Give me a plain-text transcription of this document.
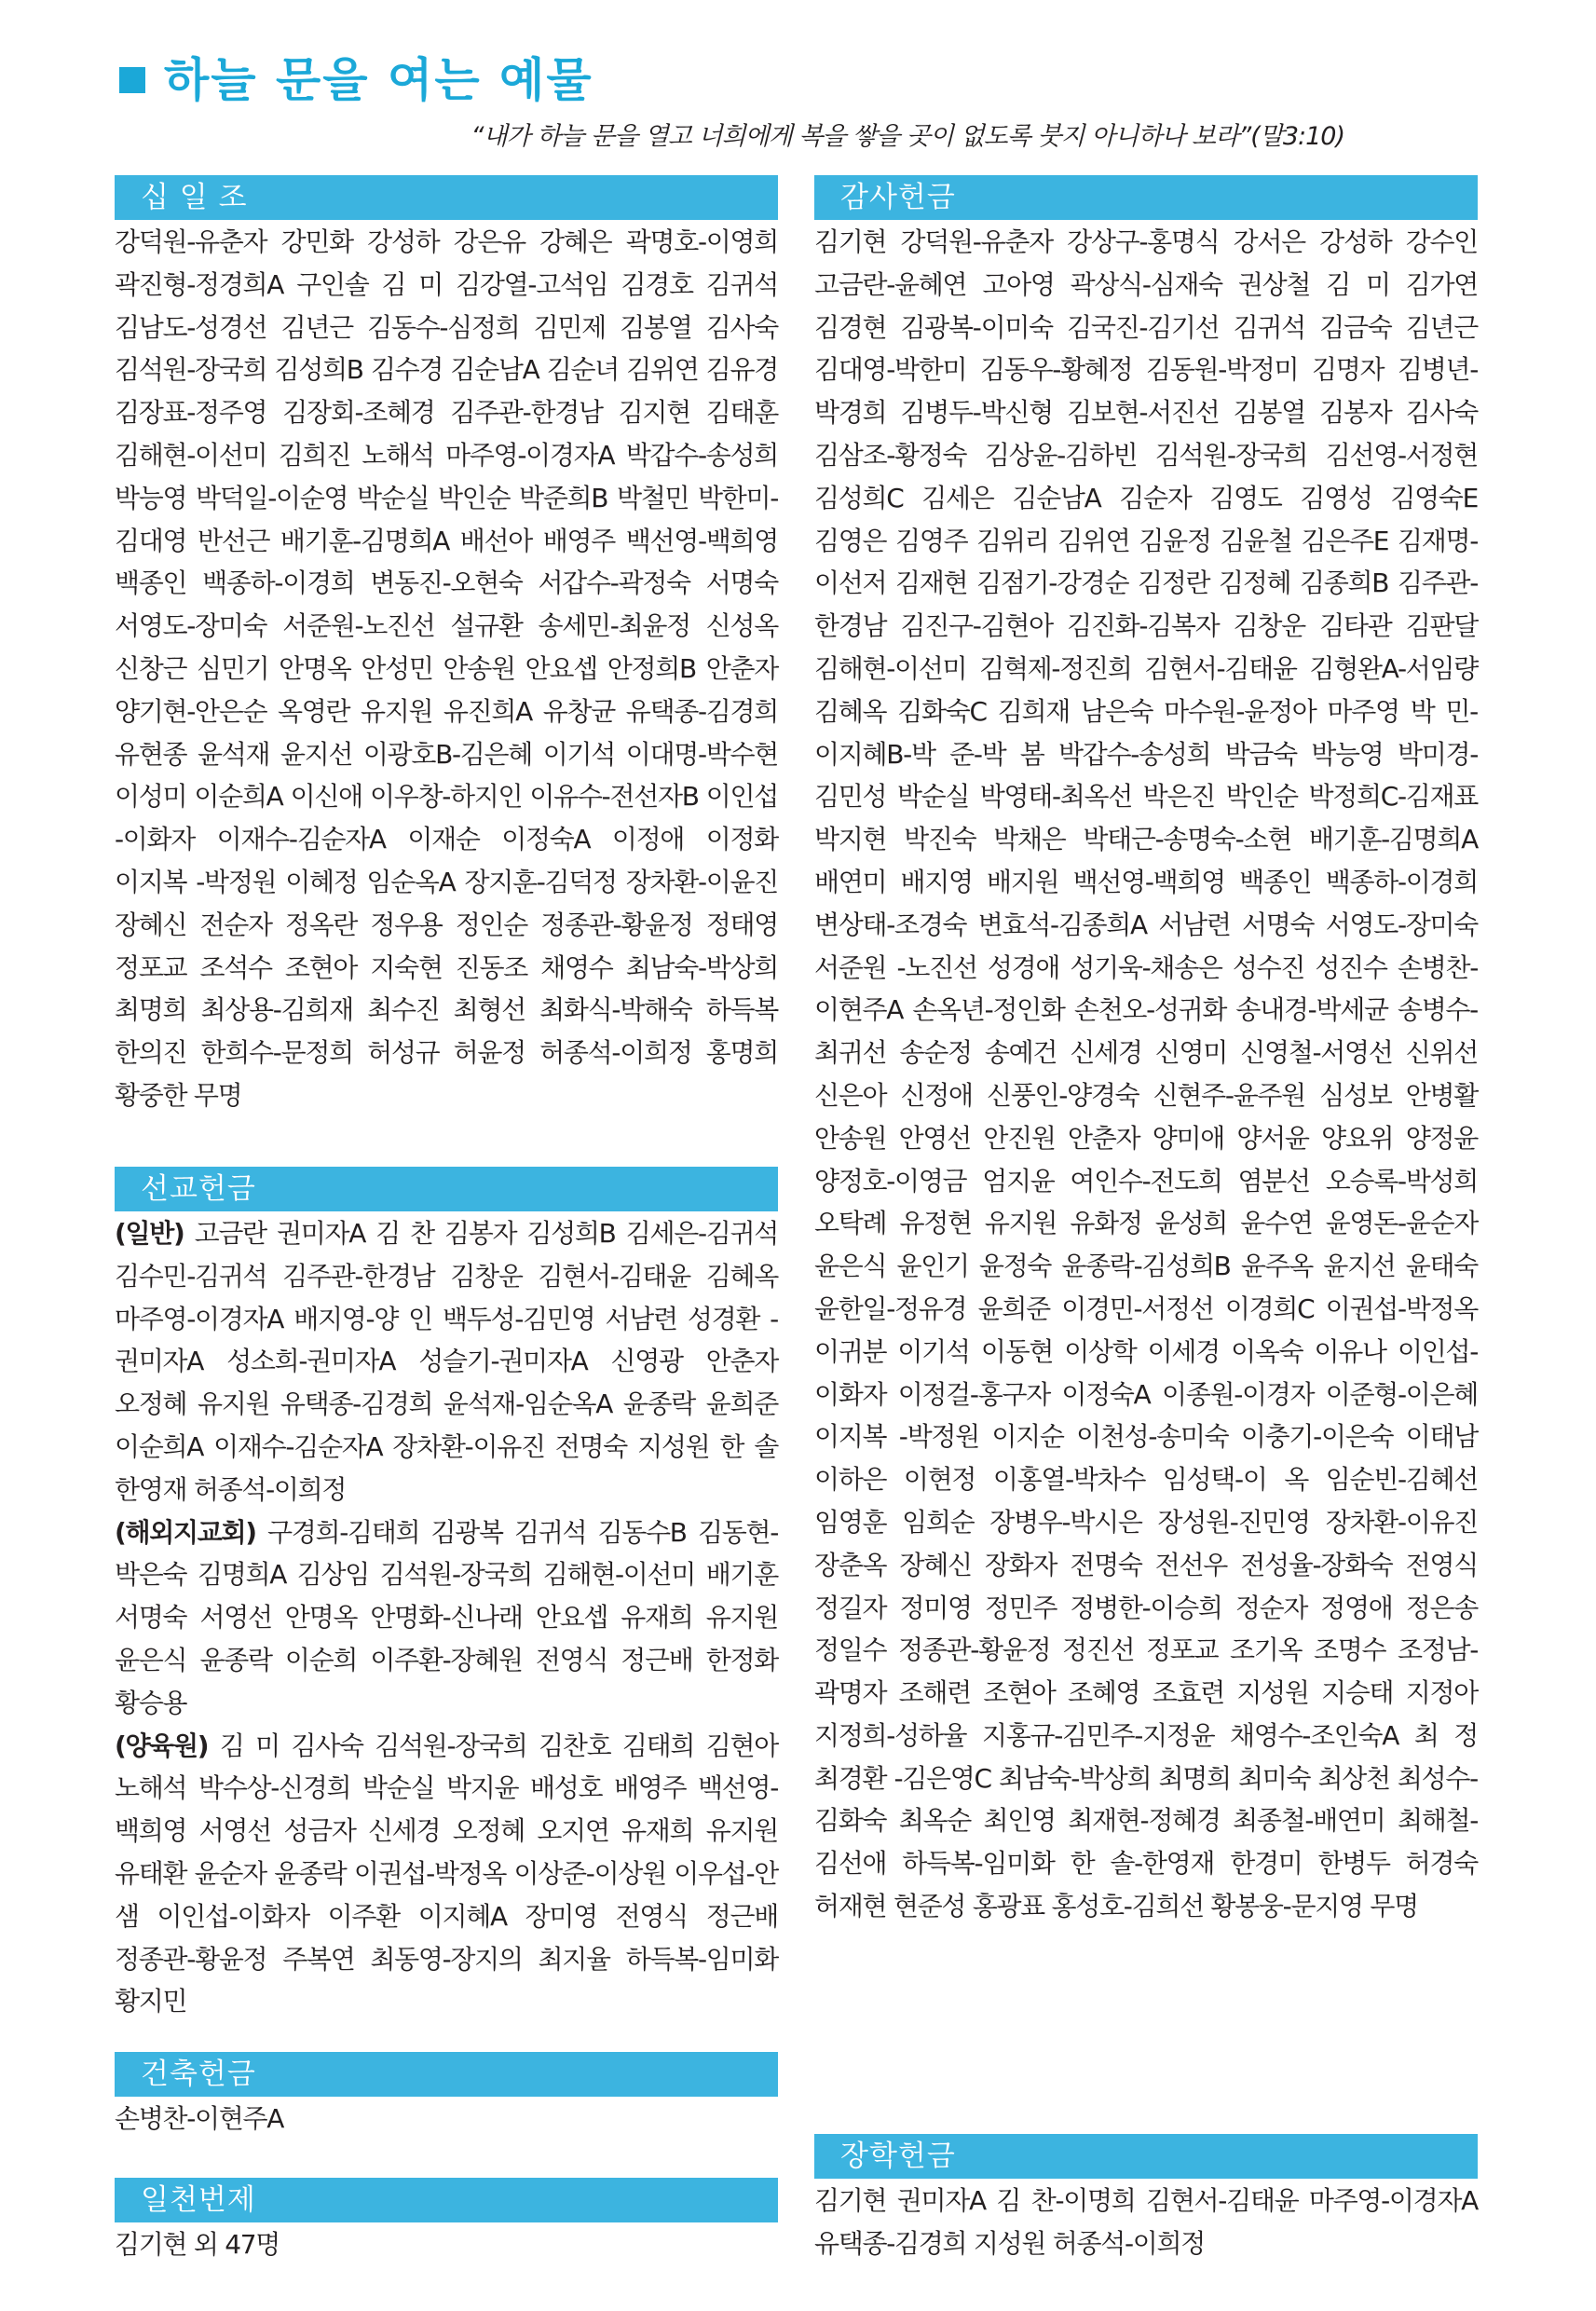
하늘 문을 여는 예물
“내가 하늘 문을 열고 너희에게 복을 쌓을 곳이 없도록 붓지 아니하나 보라”(말3:10)
십 일 조
강덕원-유춘자 강민화 강성하 강은유 강혜은 곽명호-이영희 곽진형-정경희A 구인솔 김 미 김강열-고석임 김경호 김귀석 김남도-성경선 김년근 김동수-심정희 김민제 김봉열 김사숙 김석원-장국희 김성희B 김수경 김순남A 김순녀 김위연 김유경 김장표-정주영 김장회-조혜경 김주관-한경남 김지현 김태훈 김해현-이선미 김희진 노해석 마주영-이경자A 박갑수-송성희 박능영 박덕일-이순영 박순실 박인순 박준희B 박철민 박한미-김대영 반선근 배기훈-김명희A 배선아 배영주 백선영-백희영 백종인 백종하-이경희 변동진-오현숙 서갑수-곽정숙 서명숙 서영도-장미숙 서준원-노진선 설규환 송세민-최윤정 신성옥 신창근 심민기 안명옥 안성민 안송원 안요셉 안정희B 안춘자 양기현-안은순 옥영란 유지원 유진희A 유창균 유택종-김경희 유현종 윤석재 윤지선 이광호B-김은혜 이기석 이대명-박수현 이성미 이순희A 이신애 이우창-하지인 이유수-전선자B 이인섭 -이화자 이재수-김순자A 이재순 이정숙A 이정애 이정화 이지복 -박정원 이혜정 임순옥A 장지훈-김덕정 장차환-이윤진 장혜신 전순자 정옥란 정우용 정인순 정종관-황윤정 정태영 정포교 조석수 조현아 지숙현 진동조 채영수 최남숙-박상희 최명희 최상용-김희재 최수진 최형선 최화식-박해숙 하득복 한의진 한희수-문정희 허성규 허윤정 허종석-이희정 홍명희 황중한 무명
선교헌금
(일반) 고금란 권미자A 김 찬 김봉자 김성희B 김세은-김귀석 김수민-김귀석 김주관-한경남 김창운 김현서-김태윤 김혜옥 마주영-이경자A 배지영-양 인 백두성-김민영 서남련 성경환 -권미자A 성소희-권미자A 성슬기-권미자A 신영광 안춘자 오정혜 유지원 유택종-김경희 윤석재-임순옥A 윤종락 윤희준 이순희A 이재수-김순자A 장차환-이유진 전명숙 지성원 한 솔 한영재 허종석-이희정
(해외지교회) 구경희-김태희 김광복 김귀석 김동수B 김동현-박은숙 김명희A 김상임 김석원-장국희 김해현-이선미 배기훈 서명숙 서영선 안명옥 안명화-신나래 안요셉 유재희 유지원 윤은식 윤종락 이순희 이주환-장혜원 전영식 정근배 한정화 황승용
(양육원) 김 미 김사숙 김석원-장국희 김찬호 김태희 김현아 노해석 박수상-신경희 박순실 박지윤 배성호 배영주 백선영-백희영 서영선 성금자 신세경 오정혜 오지연 유재희 유지원 유태환 윤순자 윤종락 이권섭-박정옥 이상준-이상원 이우섭-안 샘 이인섭-이화자 이주환 이지혜A 장미영 전영식 정근배 정종관-황윤정 주복연 최동영-장지의 최지율 하득복-임미화 황지민
건축헌금
손병찬-이현주A
일천번제
김기현 외 47명
감사헌금
김기현 강덕원-유춘자 강상구-홍명식 강서은 강성하 강수인 고금란-윤혜연 고아영 곽상식-심재숙 권상철 김 미 김가연 김경현 김광복-이미숙 김국진-김기선 김귀석 김금숙 김년근 김대영-박한미 김동우-황혜정 김동원-박정미 김명자 김병년-박경희 김병두-박신형 김보현-서진선 김봉열 김봉자 김사숙 김삼조-황정숙 김상윤-김하빈 김석원-장국희 김선영-서정현 김성희C 김세은 김순남A 김순자 김영도 김영성 김영숙E 김영은 김영주 김위리 김위연 김윤정 김윤철 김은주E 김재명-이선저 김재현 김점기-강경순 김정란 김정혜 김종희B 김주관-한경남 김진구-김현아 김진화-김복자 김창운 김타관 김판달 김해현-이선미 김혁제-정진희 김현서-김태윤 김형완A-서임량 김혜옥 김화숙C 김희재 남은숙 마수원-윤정아 마주영 박 민-이지혜B-박 준-박 봄 박갑수-송성희 박금숙 박능영 박미경-김민성 박순실 박영태-최옥선 박은진 박인순 박정희C-김재표 박지현 박진숙 박채은 박태근-송명숙-소현 배기훈-김명희A 배연미 배지영 배지원 백선영-백희영 백종인 백종하-이경희 변상태-조경숙 변효석-김종희A 서남련 서명숙 서영도-장미숙 서준원 -노진선 성경애 성기욱-채송은 성수진 성진수 손병찬-이현주A 손옥년-정인화 손천오-성귀화 송내경-박세균 송병수-최귀선 송순정 송예건 신세경 신영미 신영철-서영선 신위선 신은아 신정애 신풍인-양경숙 신현주-윤주원 심성보 안병활 안송원 안영선 안진원 안춘자 양미애 양서윤 양요위 양정윤 양정호-이영금 엄지윤 여인수-전도희 염분선 오승록-박성희 오탁례 유정현 유지원 유화정 윤성희 윤수연 윤영돈-윤순자 윤은식 윤인기 윤정숙 윤종락-김성희B 윤주옥 윤지선 윤태숙 윤한일-정유경 윤희준 이경민-서정선 이경희C 이권섭-박정옥 이귀분 이기석 이동현 이상학 이세경 이옥숙 이유나 이인섭-이화자 이정걸-홍구자 이정숙A 이종원-이경자 이준형-이은혜 이지복 -박정원 이지순 이천성-송미숙 이충기-이은숙 이태남 이하은 이현정 이홍열-박차수 임성택-이 옥 임순빈-김혜선 임영훈 임희순 장병우-박시은 장성원-진민영 장차환-이유진 장춘옥 장혜신 장화자 전명숙 전선우 전성율-장화숙 전영식 정길자 정미영 정민주 정병한-이승희 정순자 정영애 정은송 정일수 정종관-황윤정 정진선 정포교 조기옥 조명수 조정남-곽명자 조해련 조현아 조혜영 조효련 지성원 지승태 지정아 지정희-성하율 지홍규-김민주-지정윤 채영수-조인숙A 최 정 최경환 -김은영C 최남숙-박상희 최명희 최미숙 최상천 최성수-김화숙 최옥순 최인영 최재현-정혜경 최종철-배연미 최해철-김선애 하득복-임미화 한 솔-한영재 한경미 한병두 허경숙 허재현 현준성 홍광표 홍성호-김희선 황봉웅-문지영 무명
장학헌금
김기현 권미자A 김 찬-이명희 김현서-김태윤 마주영-이경자A 유택종-김경희 지성원 허종석-이희정
